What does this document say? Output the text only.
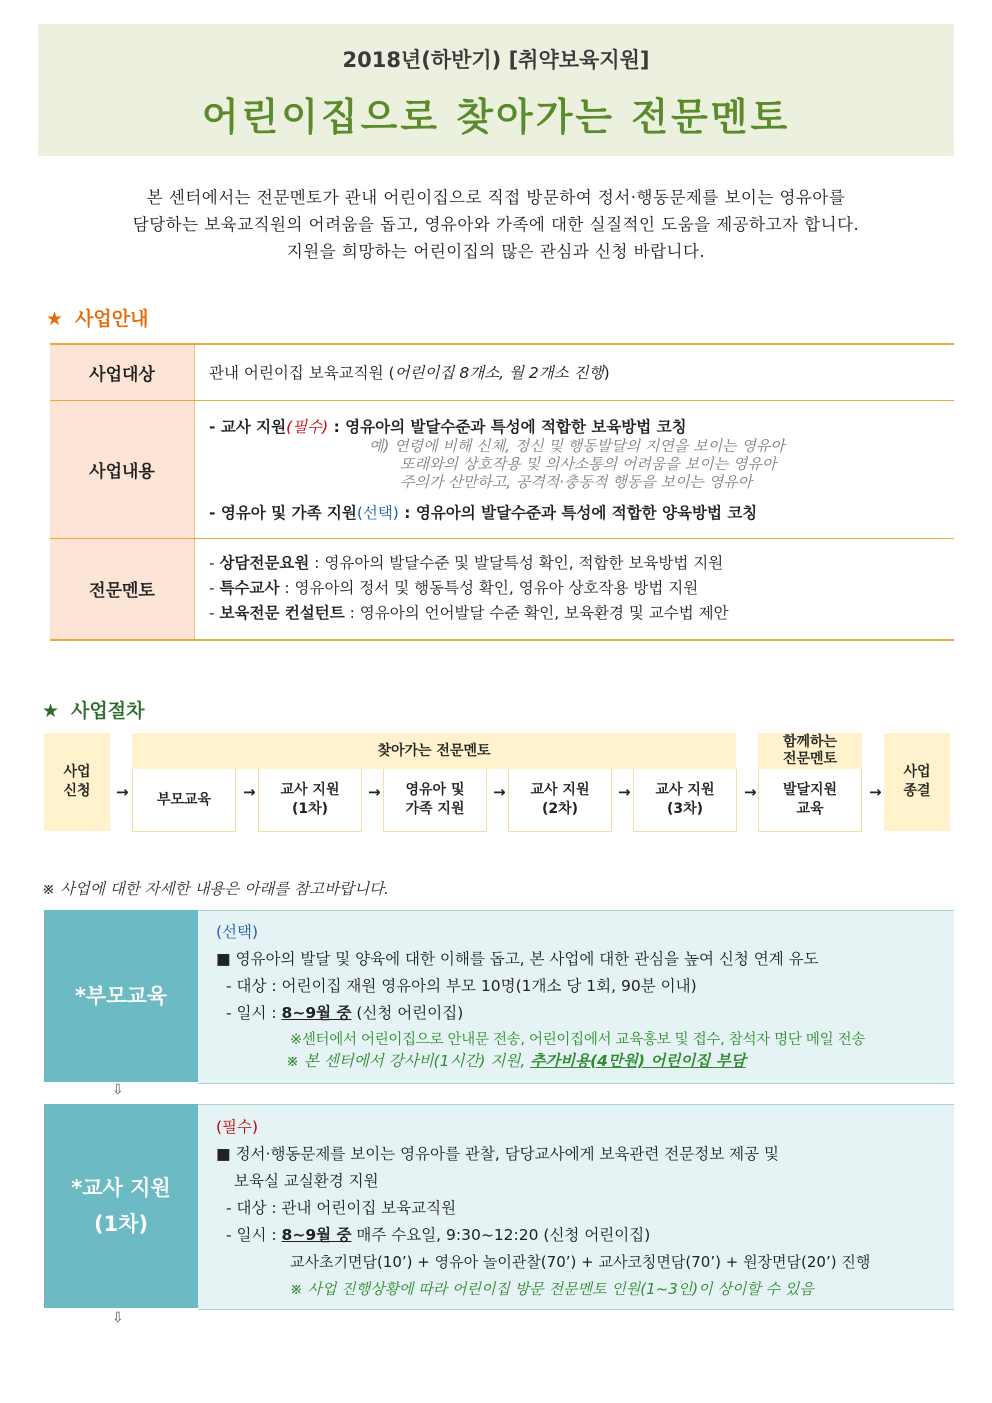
2018년(하반기) [취약보육지원]
어린이집으로 찾아가는 전문멘토
본 센터에서는 전문멘토가 관내 어린이집으로 직접 방문하여 정서·행동문제를 보이는 영유아를
담당하는 보육교직원의 어려움을 돕고, 영유아와 가족에 대한 실질적인 도움을 제공하고자 합니다.
지원을 희망하는 어린이집의 많은 관심과 신청 바랍니다.
★ 사업안내
사업대상	관내 어린이집 보육교직원 (어린이집 8개소, 월 2개소 진행)
사업내용	- 교사 지원(필수) : 영유아의 발달수준과 특성에 적합한 보육방법 코칭
예) 연령에 비해 신체, 정신 및 행동발달의 지연을 보이는 영유아
또래와의 상호작용 및 의사소통의 어려움을 보이는 영유아
주의가 산만하고, 공격적·충동적 행동을 보이는 영유아
- 영유아 및 가족 지원(선택) : 영유아의 발달수준과 특성에 적합한 양육방법 코칭

전문멘토	- 상담전문요원 : 영유아의 발달수준 및 발달특성 확인, 적합한 보육방법 지원
- 특수교사 : 영유아의 정서 및 행동특성 확인, 영유아 상호작용 방법 지원
- 보육전문 컨설턴트 : 영유아의 언어발달 수준 확인, 보육환경 및 교수법 제안
★ 사업절차
사업
신청	→
찾아가는 전문멘토
부모교육	→	교사 지원
(1차)
→	영유아 및
가족 지원
→	교사 지원
(2차)
→	교사 지원
(3차)
→
함께하는
전문멘토
발달지원
교육
→
사업
종결
※ 사업에 대한 자세한 내용은 아래를 참고바랍니다.
*부모교육
(선택)
■ 영유아의 발달 및 양육에 대한 이해를 돕고, 본 사업에 대한 관심을 높여 신청 연계 유도
- 대상 : 어린이집 재원 영유아의 부모 10명(1개소 당 1회, 90분 이내)
- 일시 : 8~9월 중 (신청 어린이집)
※센터에서 어린이집으로 안내문 전송, 어린이집에서 교육홍보 및 접수, 참석자 명단 메일 전송
※ 본 센터에서 강사비(1시간) 지원, 추가비용(4만원) 어린이집 부담
⇩
*교사 지원
(1차)
(필수)
■ 정서·행동문제를 보이는 영유아를 관찰, 담당교사에게 보육관련 전문정보 제공 및
보육실 교실환경 지원
- 대상 : 관내 어린이집 보육교직원
- 일시 : 8~9월 중 매주 수요일, 9:30~12:20 (신청 어린이집)
교사초기면담(10’) + 영유아 놀이관찰(70’) + 교사코칭면담(70’) + 원장면담(20’) 진행
※ 사업 진행상황에 따라 어린이집 방문 전문멘토 인원(1~3인)이 상이할 수 있음
⇩
